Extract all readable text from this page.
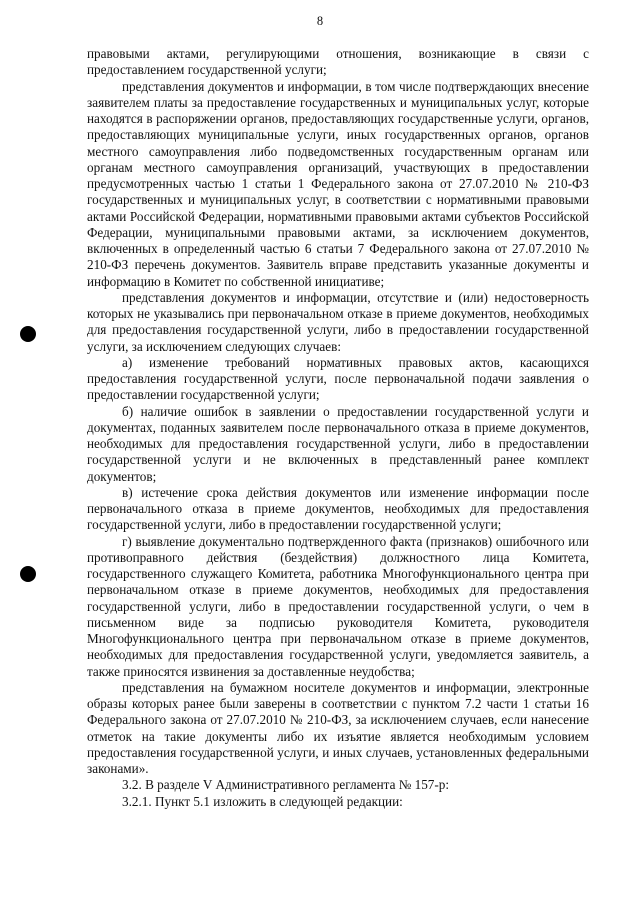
8

правовыми актами, регулирующими отношения, возникающие в связи с предоставлением государственной услуги;

представления документов и информации, в том числе подтверждающих внесение заявителем платы за предоставление государственных и муниципальных услуг, которые находятся в распоряжении органов, предоставляющих государственные услуги, органов, предоставляющих муниципальные услуги, иных государственных органов, органов местного самоуправления либо подведомственных государственным органам или органам местного самоуправления организаций, участвующих в предоставлении предусмотренных частью 1 статьи 1 Федерального закона от 27.07.2010 № 210-ФЗ государственных и муниципальных услуг, в соответствии с нормативными правовыми актами Российской Федерации, нормативными правовыми актами субъектов Российской Федерации, муниципальными правовыми актами, за исключением документов, включенных в определенный частью 6 статьи 7 Федерального закона от 27.07.2010 № 210-ФЗ перечень документов. Заявитель вправе представить указанные документы и информацию в Комитет по собственной инициативе;

представления документов и информации, отсутствие и (или) недостоверность которых не указывались при первоначальном отказе в приеме документов, необходимых для предоставления государственной услуги, либо в предоставлении государственной услуги, за исключением следующих случаев:

а) изменение требований нормативных правовых актов, касающихся предоставления государственной услуги, после первоначальной подачи заявления о предоставлении государственной услуги;

б) наличие ошибок в заявлении о предоставлении государственной услуги и документах, поданных заявителем после первоначального отказа в приеме документов, необходимых для предоставления государственной услуги, либо в предоставлении государственной услуги и не включенных в представленный ранее комплект документов;

в) истечение срока действия документов или изменение информации после первоначального отказа в приеме документов, необходимых для предоставления государственной услуги, либо в предоставлении государственной услуги;

г) выявление документально подтвержденного факта (признаков) ошибочного или противоправного действия (бездействия) должностного лица Комитета, государственного служащего Комитета, работника Многофункционального центра при первоначальном отказе в приеме документов, необходимых для предоставления государственной услуги, либо в предоставлении государственной услуги, о чем в письменном виде за подписью руководителя Комитета, руководителя Многофункционального центра при первоначальном отказе в приеме документов, необходимых для предоставления государственной услуги, уведомляется заявитель, а также приносятся извинения за доставленные неудобства;

представления на бумажном носителе документов и информации, электронные образы которых ранее были заверены в соответствии с пунктом 7.2 части 1 статьи 16 Федерального закона от 27.07.2010 № 210-ФЗ, за исключением случаев, если нанесение отметок на такие документы либо их изъятие является необходимым условием предоставления государственной услуги, и иных случаев, установленных федеральными законами».

3.2. В разделе V Административного регламента № 157-р:

3.2.1. Пункт 5.1 изложить в следующей редакции:
